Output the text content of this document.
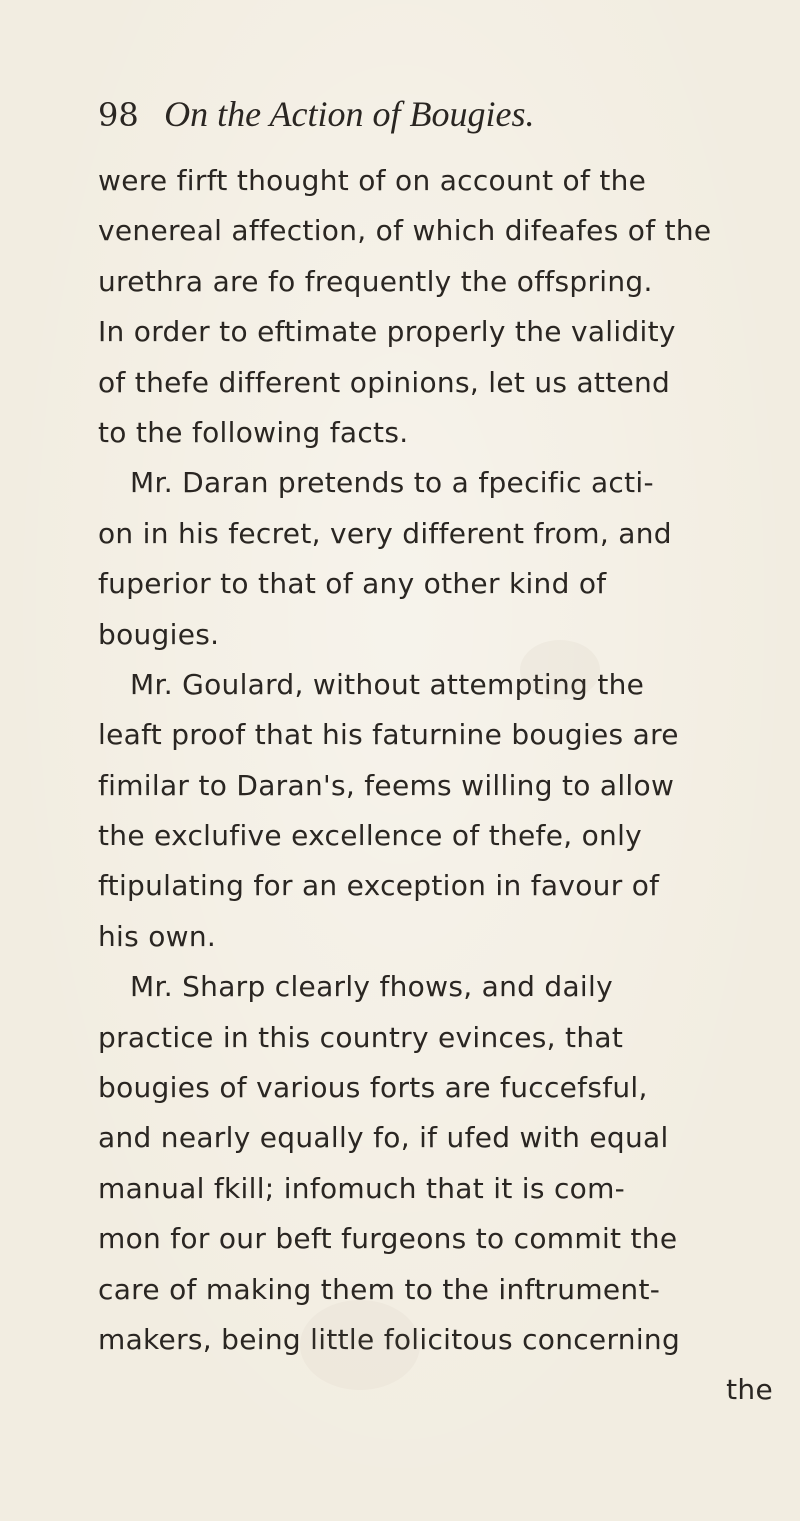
98 On the Action of Bougies.
were firft thought of on account of the
venereal affection, of which difeafes of the
urethra are fo frequently the offspring.
In order to eftimate properly the validity
of thefe different opinions, let us attend
to the following facts.
Mr. Daran pretends to a fpecific acti-
on in his fecret, very different from, and
fuperior to that of any other kind of
bougies.
Mr. Goulard, without attempting the
leaft proof that his faturnine bougies are
fimilar to Daran's, feems willing to allow
the exclufive excellence of thefe, only
ftipulating for an exception in favour of
his own.
Mr. Sharp clearly fhows, and daily
practice in this country evinces, that
bougies of various forts are fuccefsful,
and nearly equally fo, if ufed with equal
manual fkill; infomuch that it is com-
mon for our beft furgeons to commit the
care of making them to the inftrument-
makers, being little folicitous concerning
the
